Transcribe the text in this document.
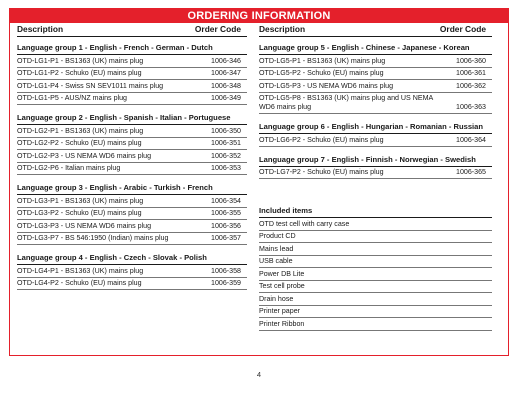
ORDERING INFORMATION
Description	Order Code
Language group 1 - English - French - German - Dutch
OTD-LG1-P1 - BS1363 (UK) mains plug	1006-346
OTD-LG1-P2 - Schuko (EU) mains plug	1006-347
OTD-LG1-P4 - Swiss SN SEV1011 mains plug	1006-348
OTD-LG1-P5 - AUS/NZ mains plug	1006-349
Language group 2 - English - Spanish - Italian - Portuguese
OTD-LG2-P1 - BS1363 (UK) mains plug	1006-350
OTD-LG2-P2 - Schuko (EU) mains plug	1006-351
OTD-LG2-P3 - US NEMA WD6 mains plug	1006-352
OTD-LG2-P6 - Italian mains plug	1006-353
Language group 3 - English - Arabic - Turkish - French
OTD-LG3-P1 - BS1363 (UK) mains plug	1006-354
OTD-LG3-P2 - Schuko (EU) mains plug	1006-355
OTD-LG3-P3 - US NEMA WD6 mains plug	1006-356
OTD-LG3-P7 - BS 546:1950 (Indian) mains plug	1006-357
Language group 4 - English - Czech - Slovak - Polish
OTD-LG4-P1 - BS1363 (UK) mains plug	1006-358
OTD-LG4-P2 - Schuko (EU) mains plug	1006-359
Description	Order Code
Language group 5 - English - Chinese - Japanese - Korean
OTD-LG5-P1 - BS1363 (UK) mains plug	1006-360
OTD-LG5-P2 - Schuko (EU) mains plug	1006-361
OTD-LG5-P3 - US NEMA WD6 mains plug	1006-362
OTD-LG5-P8 - BS1363 (UK) mains plug and US NEMA WD6 mains plug	1006-363
Language group 6 - English - Hungarian - Romanian - Russian
OTD-LG6-P2 - Schuko (EU) mains plug	1006-364
Language group 7 - English - Finnish - Norwegian - Swedish
OTD-LG7-P2 - Schuko (EU) mains plug	1006-365
Included items
OTD test cell with carry case
Product CD
Mains lead
USB cable
Power DB Lite
Test cell probe
Drain hose
Printer paper
Printer Ribbon
4
